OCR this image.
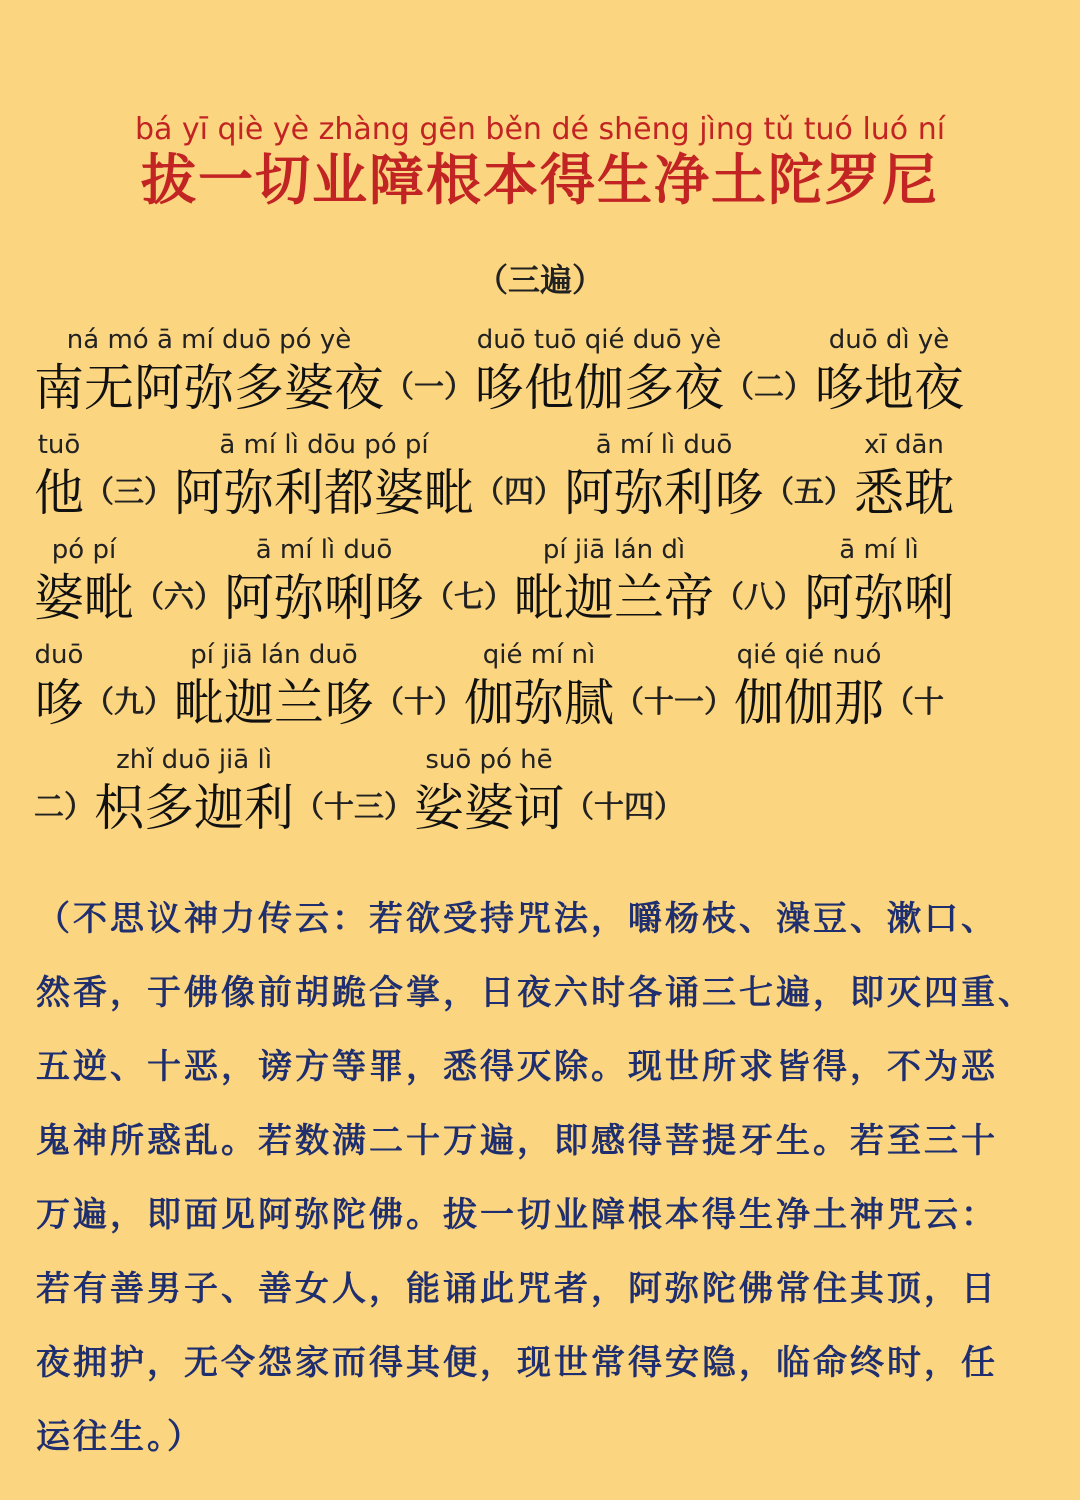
bá yī qiè yè zhàng gēn běn dé shēng jìng tǔ tuó luó ní
拔一切业障根本得生净土陀罗尼
（三遍）
ná mó ā mí duō pó yè
南无阿弥多婆夜 （一）
duō tuō qié duō yè
哆他伽多夜 （二）
duō dì yè
哆地夜
tuō
他 （三）
ā mí lì dōu pó pí
阿弥利都婆毗 （四）
ā mí lì duō
阿弥利哆 （五）
xī dān
悉耽
pó pí
婆毗 （六）
ā mí lì duō
阿弥唎哆 （七）
pí jiā lán dì
毗迦兰帝 （八）
ā mí lì
阿弥唎
duō
哆 （九）
pí jiā lán duō
毗迦兰哆 （十）
qié mí nì
伽弥腻 （十一）
qié qié nuó
伽伽那 （十
二）
zhǐ duō jiā lì
枳多迦利 （十三）
suō pó hē
娑婆诃 （十四）

（不思议神力传云：若欲受持咒法，嚼杨枝、澡豆、漱口、

然香，于佛像前胡跪合掌，日夜六时各诵三七遍，即灭四重、

五逆、十恶，谤方等罪，悉得灭除。现世所求皆得，不为恶

鬼神所惑乱。若数满二十万遍，即感得菩提牙生。若至三十

万遍，即面见阿弥陀佛。拔一切业障根本得生净土神咒云：

若有善男子、善女人，能诵此咒者，阿弥陀佛常住其顶，日

夜拥护，无令怨家而得其便，现世常得安隐，临命终时，任

运往生。）
